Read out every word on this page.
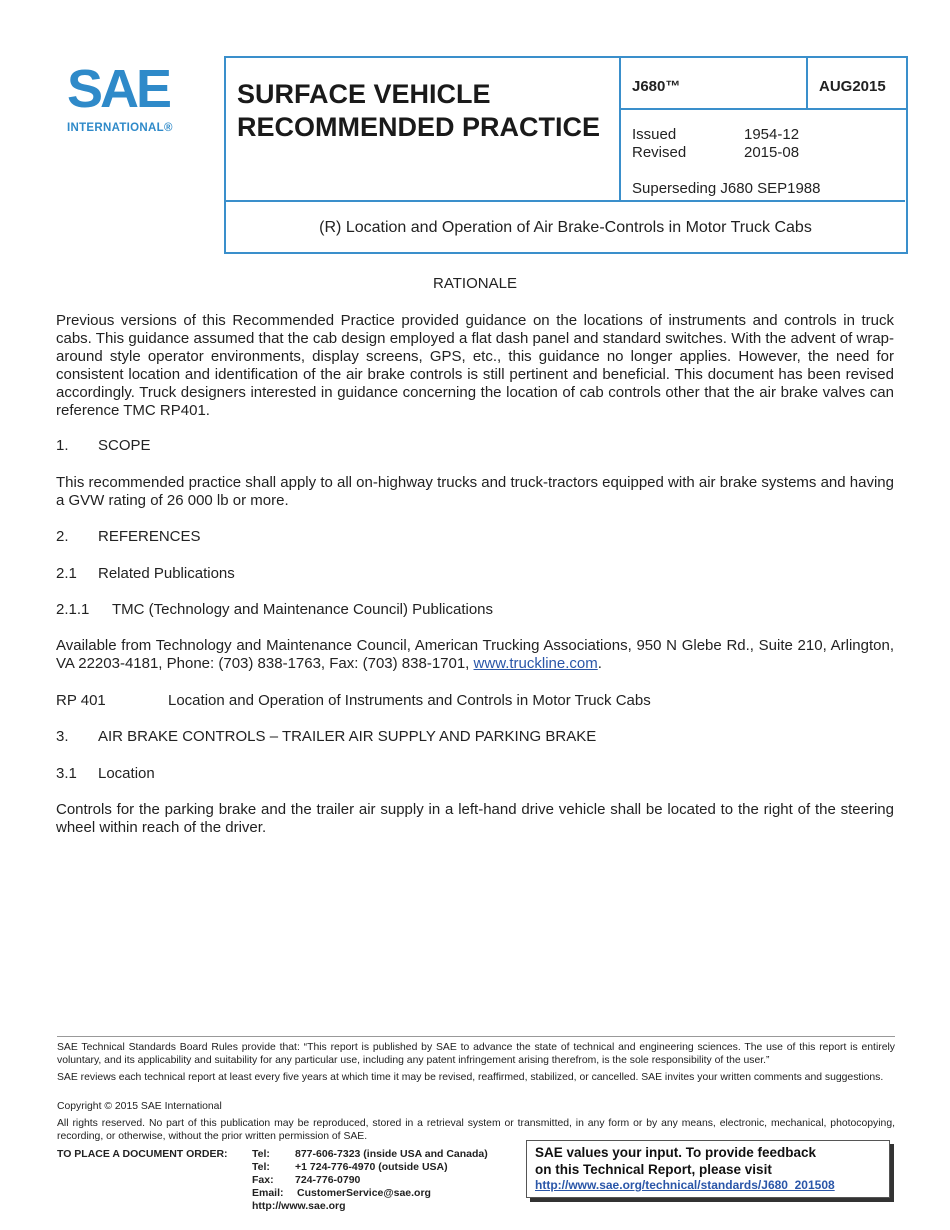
SAE
INTERNATIONAL®
SURFACE VEHICLE
RECOMMENDED PRACTICE
J680™	AUG2015
Issued	1954-12
Revised	2015-08
Superseding J680 SEP1988
(R) Location and Operation of Air Brake-Controls in Motor Truck Cabs
RATIONALE
Previous versions of this Recommended Practice provided guidance on the locations of instruments and controls in truck cabs. This guidance assumed that the cab design employed a flat dash panel and standard switches. With the advent of wrap-around style operator environments, display screens, GPS, etc., this guidance no longer applies. However, the need for consistent location and identification of the air brake controls is still pertinent and beneficial. This document has been revised accordingly. Truck designers interested in guidance concerning the location of cab controls other that the air brake valves can reference TMC RP401.
1. SCOPE
This recommended practice shall apply to all on-highway trucks and truck-tractors equipped with air brake systems and having a GVW rating of 26 000 lb or more.
2. REFERENCES
2.1 Related Publications
2.1.1 TMC (Technology and Maintenance Council) Publications
Available from Technology and Maintenance Council, American Trucking Associations, 950 N Glebe Rd., Suite 210, Arlington, VA 22203-4181, Phone: (703) 838-1763, Fax: (703) 838-1701, www.truckline.com.
RP 401	Location and Operation of Instruments and Controls in Motor Truck Cabs
3. AIR BRAKE CONTROLS – TRAILER AIR SUPPLY AND PARKING BRAKE
3.1 Location
Controls for the parking brake and the trailer air supply in a left-hand drive vehicle shall be located to the right of the steering wheel within reach of the driver.
SAE Technical Standards Board Rules provide that: “This report is published by SAE to advance the state of technical and engineering sciences. The use of this report is entirely voluntary, and its applicability and suitability for any particular use, including any patent infringement arising therefrom, is the sole responsibility of the user.”
SAE reviews each technical report at least every five years at which time it may be revised, reaffirmed, stabilized, or cancelled. SAE invites your written comments and suggestions.
Copyright © 2015 SAE International
All rights reserved. No part of this publication may be reproduced, stored in a retrieval system or transmitted, in any form or by any means, electronic, mechanical, photocopying, recording, or otherwise, without the prior written permission of SAE.
TO PLACE A DOCUMENT ORDER: Tel: 877-606-7323 (inside USA and Canada)
Tel: +1 724-776-4970 (outside USA)
Fax: 724-776-0790
Email: CustomerService@sae.org
http://www.sae.org
SAE values your input. To provide feedback
on this Technical Report, please visit
http://www.sae.org/technical/standards/J680_201508
